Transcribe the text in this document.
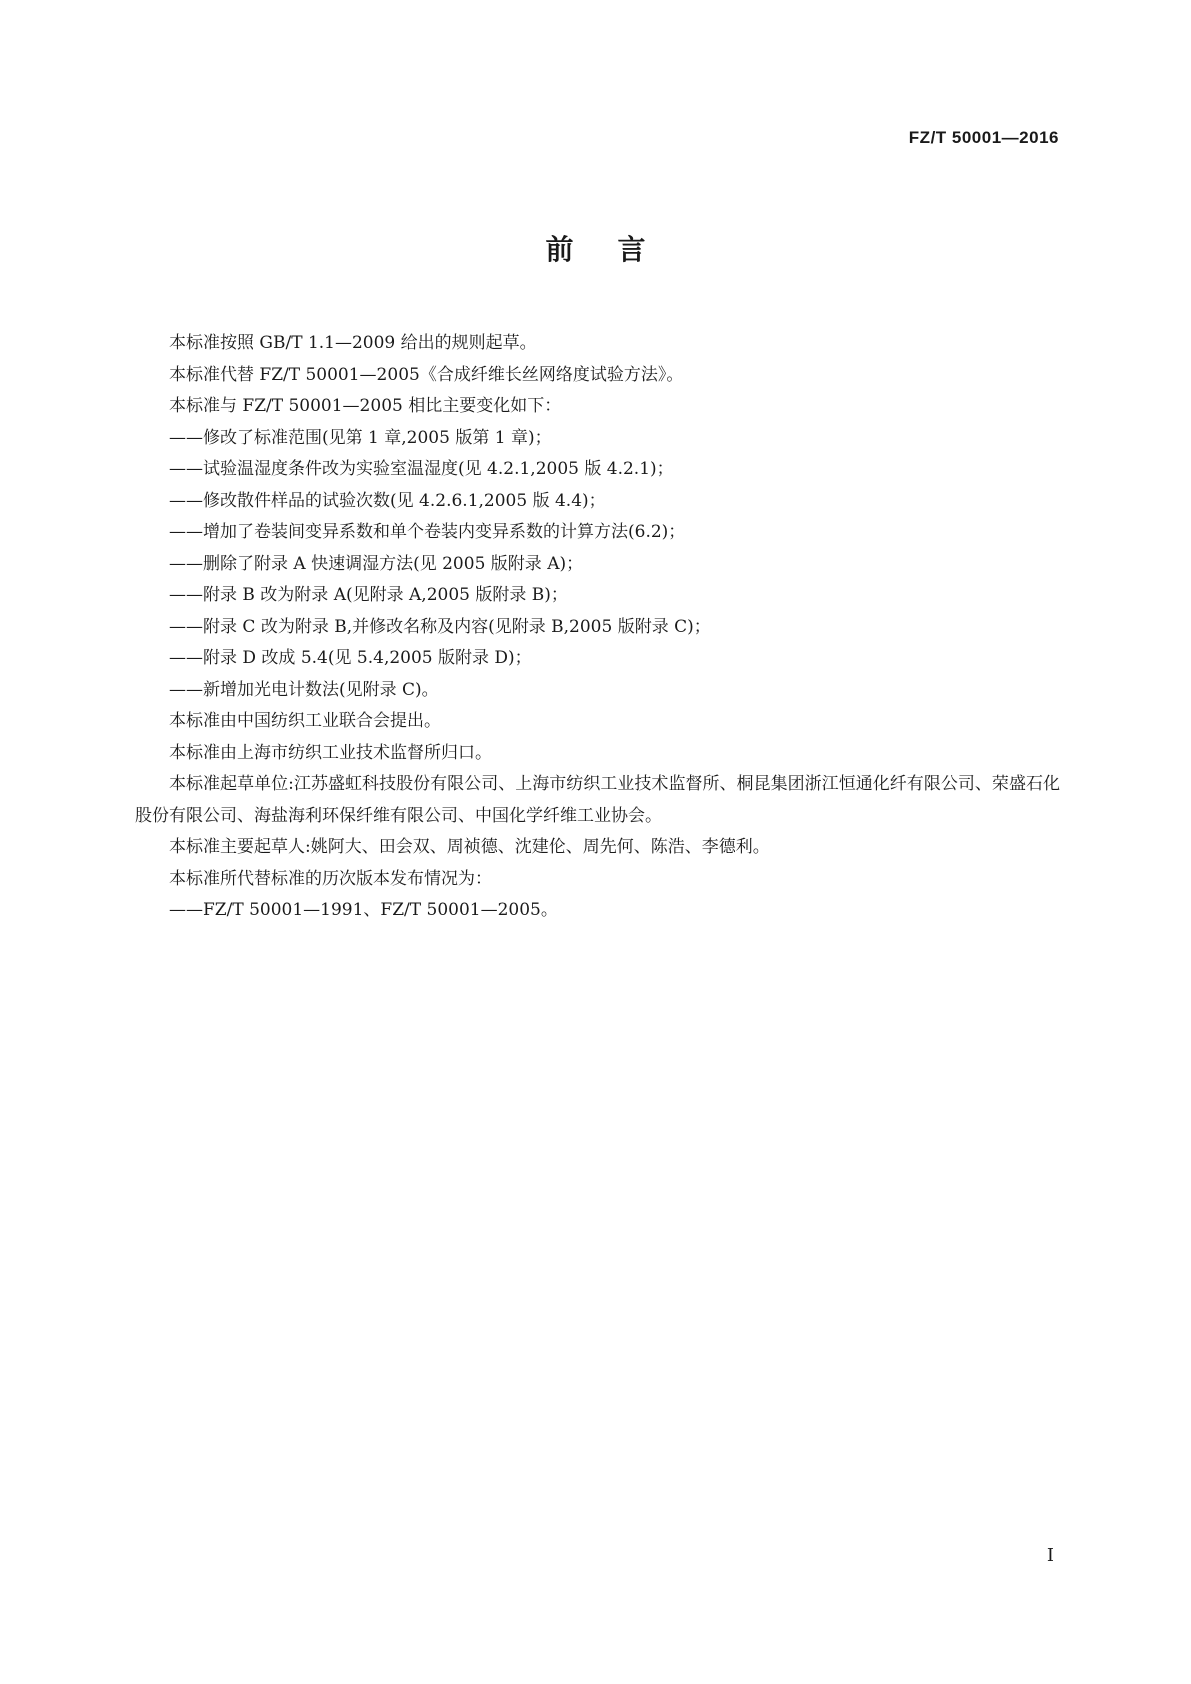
FZ/T 50001—2016
前言

本标准按照 GB/T 1.1—2009 给出的规则起草。

本标准代替 FZ/T 50001—2005《合成纤维长丝网络度试验方法》。

本标准与 FZ/T 50001—2005 相比主要变化如下：

——修改了标准范围(见第 1 章,2005 版第 1 章)；

——试验温湿度条件改为实验室温湿度(见 4.2.1,2005 版 4.2.1)；

——修改散件样品的试验次数(见 4.2.6.1,2005 版 4.4)；

——增加了卷装间变异系数和单个卷装内变异系数的计算方法(6.2)；

——删除了附录 A 快速调湿方法(见 2005 版附录 A)；

——附录 B 改为附录 A(见附录 A,2005 版附录 B)；

——附录 C 改为附录 B,并修改名称及内容(见附录 B,2005 版附录 C)；

——附录 D 改成 5.4(见 5.4,2005 版附录 D)；

——新增加光电计数法(见附录 C)。

本标准由中国纺织工业联合会提出。

本标准由上海市纺织工业技术监督所归口。

本标准起草单位:江苏盛虹科技股份有限公司、上海市纺织工业技术监督所、桐昆集团浙江恒通化纤有限公司、荣盛石化股份有限公司、海盐海利环保纤维有限公司、中国化学纤维工业协会。

本标准主要起草人:姚阿大、田会双、周祯德、沈建伦、周先何、陈浩、李德利。

本标准所代替标准的历次版本发布情况为：

——FZ/T 50001—1991、FZ/T 50001—2005。

I
